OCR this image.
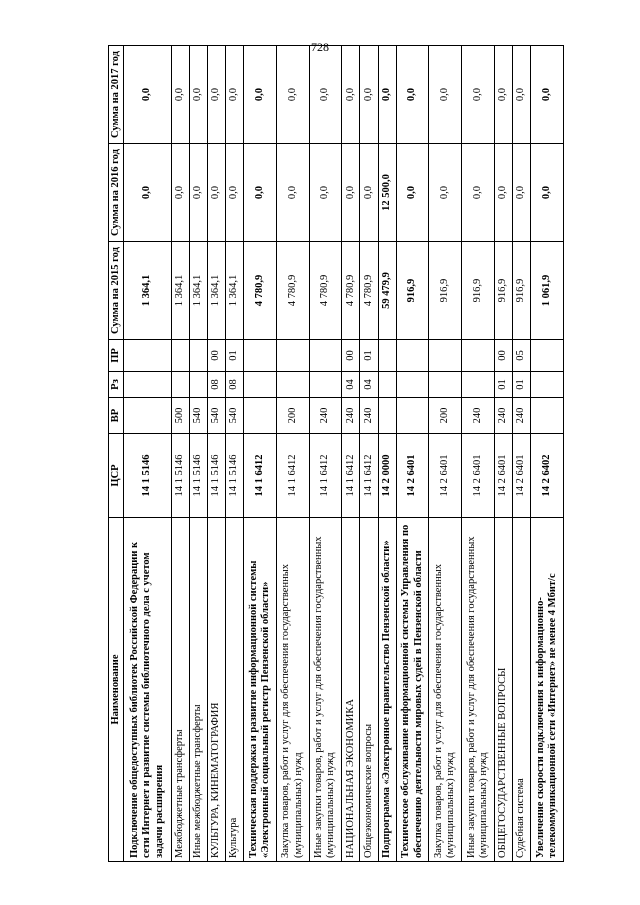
728
Наименование	ЦСР	ВР	Рз	ПР	Сумма на 2015 год	Сумма на 2016 год	Сумма на 2017 год
Подключение общедоступных библиотек Российской Федерации к сети Интернет и развитие системы библиотечного дела с учетом задачи расширения	14 1 5146				1 364,1	0,0	0,0
Межбюджетные трансферты	14 1 5146	500			1 364,1	0,0	0,0
Иные межбюджетные трансферты	14 1 5146	540			1 364,1	0,0	0,0
КУЛЬТУРА, КИНЕМАТОГРАФИЯ	14 1 5146	540	08	00	1 364,1	0,0	0,0
Культура	14 1 5146	540	08	01	1 364,1	0,0	0,0
Техническая поддержка и развитие информационной системы «Электронный социальный регистр Пензенской области»	14 1 6412				4 780,9	0,0	0,0
Закупка товаров, работ и услуг для обеспечения государственных (муниципальных) нужд	14 1 6412	200			4 780,9	0,0	0,0
Иные закупки товаров, работ и услуг для обеспечения государственных (муниципальных) нужд	14 1 6412	240			4 780,9	0,0	0,0
НАЦИОНАЛЬНАЯ ЭКОНОМИКА	14 1 6412	240	04	00	4 780,9	0,0	0,0
Общеэкономические вопросы	14 1 6412	240	04	01	4 780,9	0,0	0,0
Подпрограмма «Электронное правительство Пензенской области»	14 2 0000				59 479,9	12 500,0	0,0
Техническое обслуживание информационной системы Управления по обеспечению деятельности мировых судей в Пензенской области	14 2 6401				916,9	0,0	0,0
Закупка товаров, работ и услуг для обеспечения государственных (муниципальных) нужд	14 2 6401	200			916,9	0,0	0,0
Иные закупки товаров, работ и услуг для обеспечения государственных (муниципальных) нужд	14 2 6401	240			916,9	0,0	0,0
ОБЩЕГОСУДАРСТВЕННЫЕ ВОПРОСЫ	14 2 6401	240	01	00	916,9	0,0	0,0
Судебная система	14 2 6401	240	01	05	916,9	0,0	0,0
Увеличение скорости подключения к информационно-телекоммуникационной сети «Интернет» не менее 4 Мбит/с	14 2 6402				1 061,9	0,0	0,0
